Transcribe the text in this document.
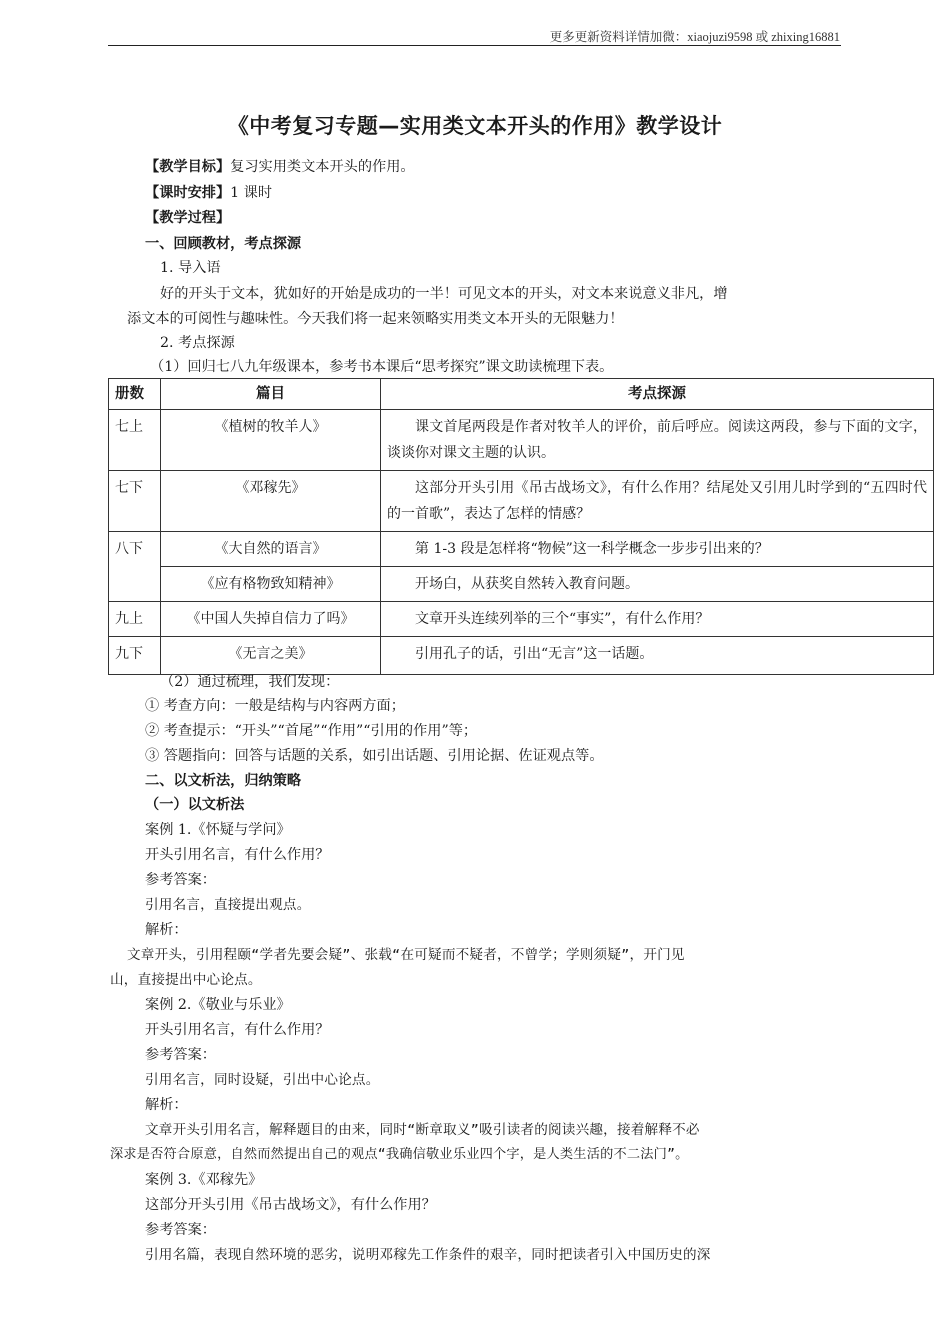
更多更新资料详情加微：xiaojuzi9598 或 zhixing16881
《中考复习专题—实用类文本开头的作用》教学设计
【教学目标】复习实用类文本开头的作用。
【课时安排】1 课时
【教学过程】
一、回顾教材，考点探源
1. 导入语
好的开头于文本，犹如好的开始是成功的一半！可见文本的开头，对文本来说意义非凡，增
添文本的可阅性与趣味性。今天我们将一起来领略实用类文本开头的无限魅力！
2. 考点探源
（1）回归七八九年级课本，参考书本课后“思考探究”课文助读梳理下表。
册数	篇目	考点探源
七上	《植树的牧羊人》	课文首尾两段是作者对牧羊人的评价，前后呼应。阅读这两段，参与下面的文字，谈谈你对课文主题的认识。
七下	《邓稼先》	这部分开头引用《吊古战场文》，有什么作用？结尾处又引用儿时学到的“五四时代的一首歌”，表达了怎样的情感？
八下	《大自然的语言》	第 1-3 段是怎样将“物候”这一科学概念一步步引出来的？
	《应有格物致知精神》	开场白，从获奖自然转入教育问题。
九上	《中国人失掉自信力了吗》	文章开头连续列举的三个“事实”，有什么作用？
九下	《无言之美》	引用孔子的话，引出“无言”这一话题。
（2）通过梳理，我们发现：
① 考查方向：一般是结构与内容两方面；
② 考查提示：“开头”“首尾”“作用”“引用的作用”等；
③ 答题指向：回答与话题的关系，如引出话题、引用论据、佐证观点等。
二、以文析法，归纳策略
（一）以文析法
案例 1.《怀疑与学问》
开头引用名言，有什么作用？
参考答案：
引用名言，直接提出观点。
解析：
文章开头，引用程颐“学者先要会疑”、张载“在可疑而不疑者，不曾学；学则须疑”，开门见
山，直接提出中心论点。
案例 2.《敬业与乐业》
开头引用名言，有什么作用？
参考答案：
引用名言，同时设疑，引出中心论点。
解析：
文章开头引用名言，解释题目的由来，同时“断章取义”吸引读者的阅读兴趣，接着解释不必
深求是否符合原意，自然而然提出自己的观点“我确信敬业乐业四个字，是人类生活的不二法门”。
案例 3.《邓稼先》
这部分开头引用《吊古战场文》，有什么作用？
参考答案：
引用名篇，表现自然环境的恶劣，说明邓稼先工作条件的艰辛，同时把读者引入中国历史的深
